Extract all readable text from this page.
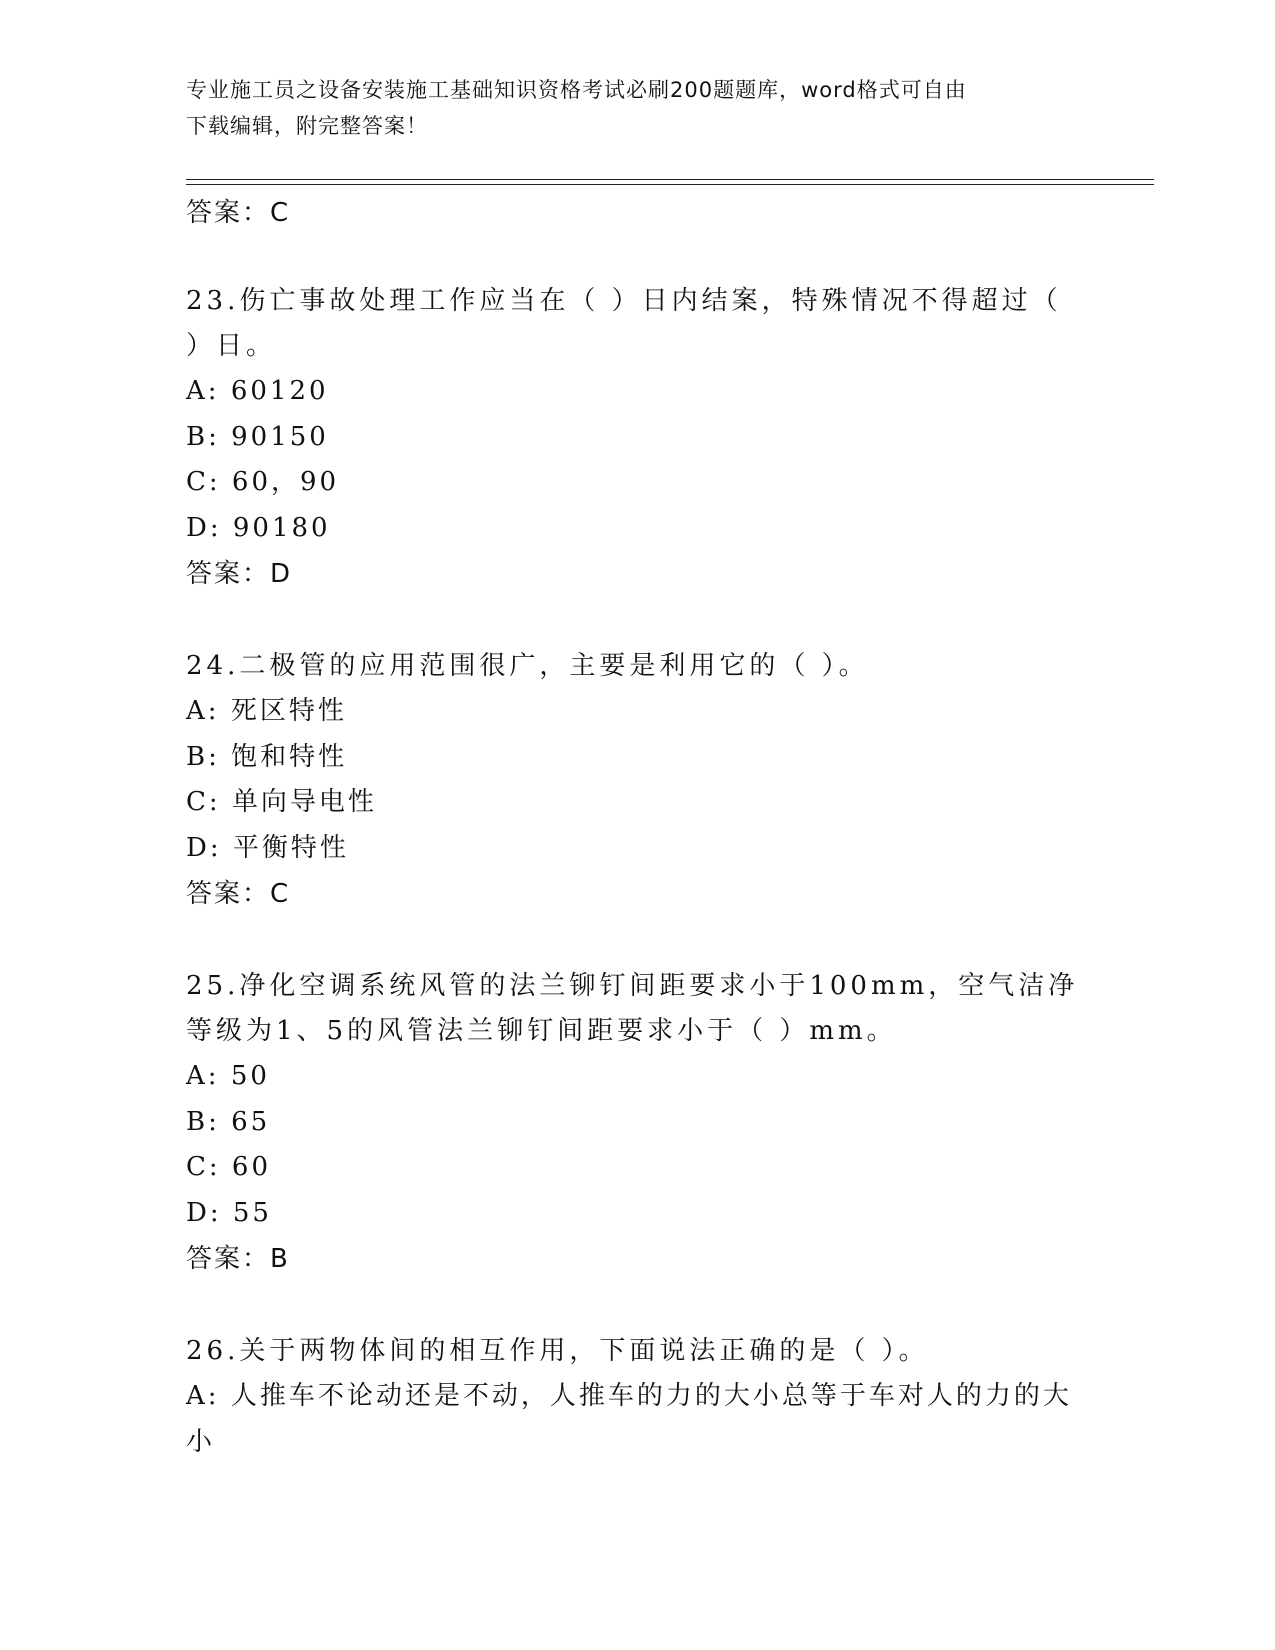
专业施工员之设备安装施工基础知识资格考试必刷200题题库，word格式可自由
下载编辑，附完整答案！
答案：C

23.伤亡事故处理工作应当在（ ）日内结案，特殊情况不得超过（ ）日。

A: 60120
B: 90150
C: 60，90
D: 90180
答案：D

24.二极管的应用范围很广，主要是利用它的（ ）。

A: 死区特性
B: 饱和特性
C: 单向导电性
D: 平衡特性
答案：C

25.净化空调系统风管的法兰铆钉间距要求小于100mm，空气洁净等级为1、5的风管法兰铆钉间距要求小于（ ）mm。

A: 50
B: 65
C: 60
D: 55
答案：B

26.关于两物体间的相互作用，下面说法正确的是（ ）。

A: 人推车不论动还是不动，人推车的力的大小总等于车对人的力的大小
